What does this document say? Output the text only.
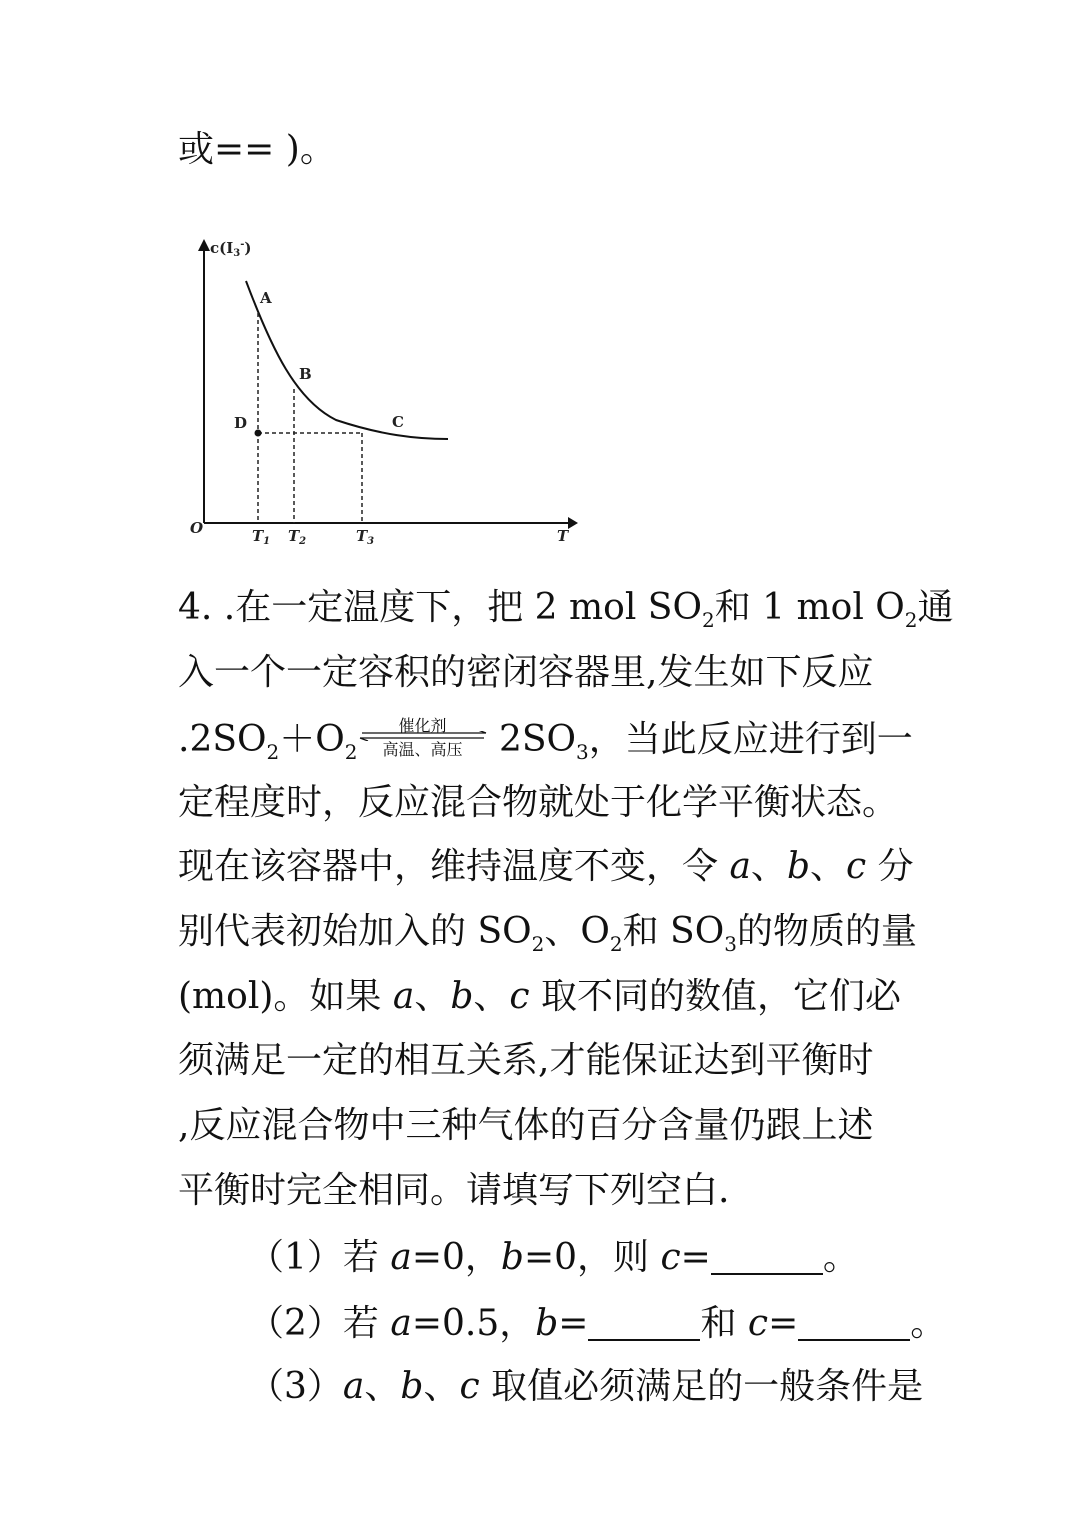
或== )。
$c(I_3^-)$
A
B
C
D
O	T
$T_1$ $T_2$	$T_3$
4. .在一定温度下，把 2 mol $SO_2$和 1 mol $O_2$通
入一个一定容积的密闭容器里,发生如下反应
$.2SO_2+O_2$
催化剂
高温、高压 $2SO_3$，当此反应进行到一
定程度时，反应混合物就处于化学平衡状态。
现在该容器中，维持温度不变，令 a、b、c 分
别代表初始加入的 $SO_2$、$O_2$和 $SO_3$的物质的量
(mol)。如果 a、b、c 取不同的数值，它们必
须满足一定的相互关系,才能保证达到平衡时
,反应混合物中三种气体的百分含量仍跟上述
平衡时完全相同。请填写下列空白.
（1）若 a=0，b=0，则 c=	。
（2）若 a=0.5，b=	和 c=	。
（3）a、b、c 取值必须满足的一般条件是
